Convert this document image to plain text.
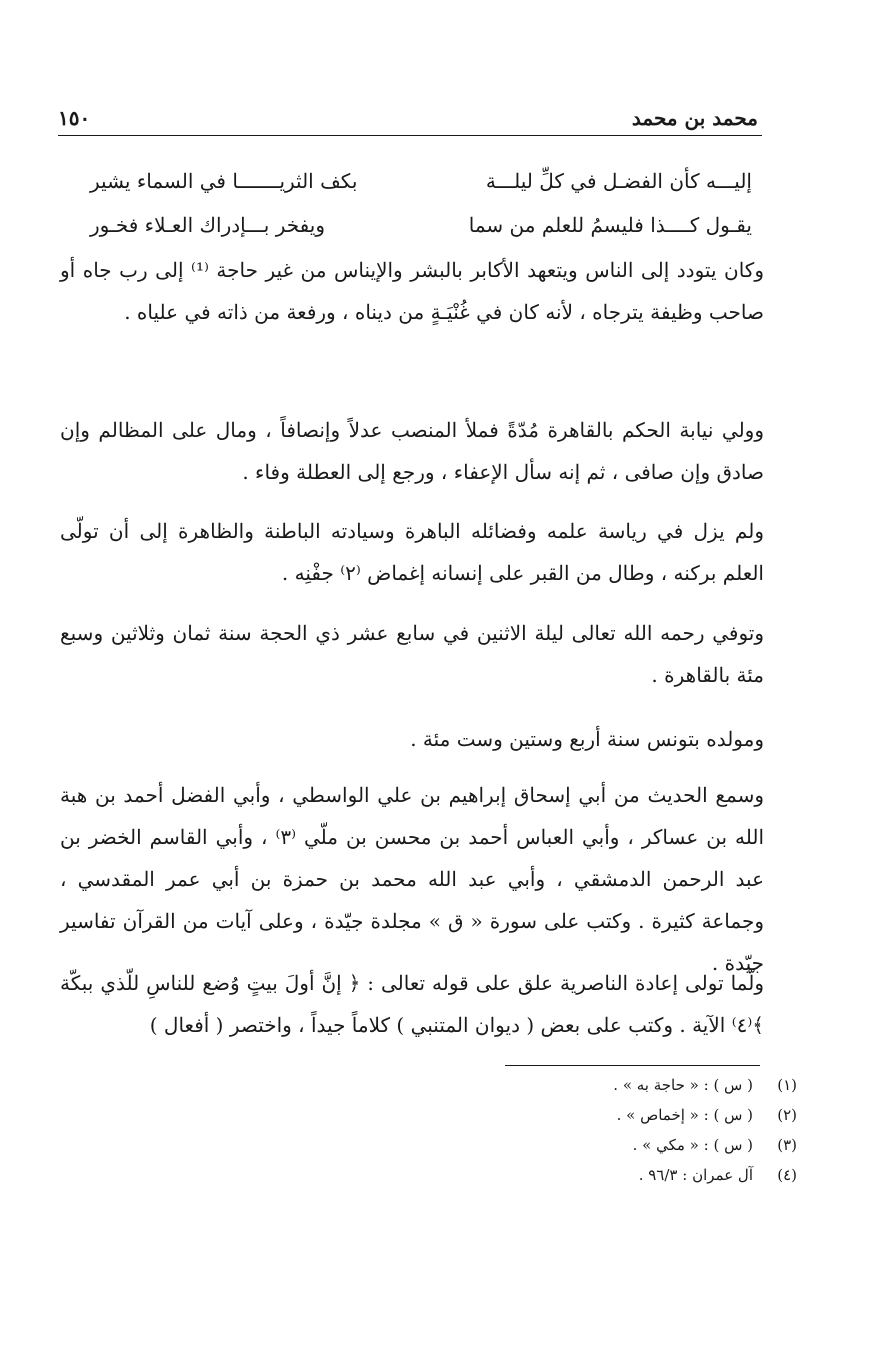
محمد بن محمد
١٥٠
إليـــه كأن الفضـل في كلِّ ليلـــة
بكف الثريـــــــا في السماء يشير
يقـول كــــذا فليسمُ للعلم من سما
ويفخر بـــإدراك العـلاء فخـور

وكان يتودد إلى الناس ويتعهد الأكابر بالبشر والإيناس من غير حاجة ⁽¹⁾ إلى رب جاه أو صاحب وظيفة يترجاه ، لأنه كان في غُنْيَـةٍ من ديناه ، ورفعة من ذاته في علياه .

وولي نيابة الحكم بالقاهرة مُدّةً فملأ المنصب عدلاً وإنصافاً ، ومال على المظالم وإن صادق وإن صافى ، ثم إنه سأل الإعفاء ، ورجع إلى العطلة وفاء .

ولم يزل في رياسة علمه وفضائله الباهرة وسيادته الباطنة والظاهرة إلى أن تولّى العلم بركنه ، وطال من القبر على إنسانه إغماض ⁽٢⁾ جفْنِه .

وتوفي رحمه الله تعالى ليلة الاثنين في سابع عشر ذي الحجة سنة ثمان وثلاثين وسبع مئة بالقاهرة .

ومولده بتونس سنة أربع وستين وست مئة .

وسمع الحديث من أبي إسحاق إبراهيم بن علي الواسطي ، وأبي الفضل أحمد بن هبة الله بن عساكر ، وأبي العباس أحمد بن محسن بن ملّي ⁽٣⁾ ، وأبي القاسم الخضر بن عبد الرحمن الدمشقي ، وأبي عبد الله محمد بن حمزة بن أبي عمر المقدسي ، وجماعة كثيرة . وكتب على سورة « ق » مجلدة جيّدة ، وعلى آيات من القرآن تفاسير جيّدة .

ولّما تولى إعادة الناصرية علق على قوله تعالى : ﴿ إنَّ أولَ بيتٍ وُضع للناسِ للّذي ببكّة ﴾⁽٤⁾ الآية . وكتب على بعض ( ديوان المتنبي ) كلاماً جيداً ، واختصر ( أفعال )

(١)
( س ) : « حاجة به » .
(٢)
( س ) : « إخماص » .
(٣)
( س ) : « مكي » .
(٤)
آل عمران : ٩٦/٣ .
